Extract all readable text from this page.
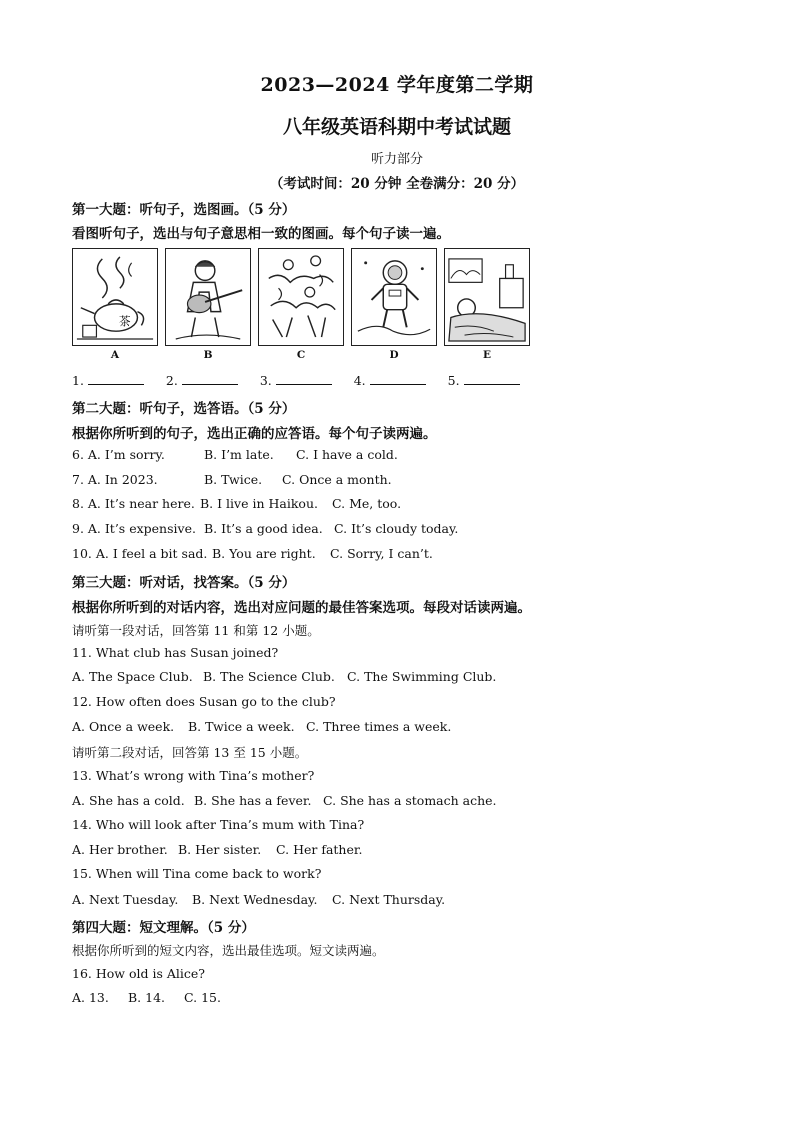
2023—2024 学年度第二学期
八年级英语科期中考试试题
听力部分
（考试时间：20 分钟 全卷满分：20 分）
第一大题：听句子，选图画。（5 分）
看图听句子，选出与句子意思相一致的图画。每个句子读一遍。
茶
A	B	C	D	E
1.	2.	3.	4.	5.
第二大题：听句子，选答语。（5 分）
根据你所听到的句子，选出正确的应答语。每个句子读两遍。
6. A. I’m sorry.	B. I’m late. C. I have a cold.
7. A. In 2023.	B. Twice. C. Once a month.
8. A. It’s near here. B. I live in Haikou. C. Me, too.
9. A. It’s expensive. B. It’s a good idea. C. It’s cloudy today.
10. A. I feel a bit sad. B. You are right. C. Sorry, I can’t.
第三大题：听对话，找答案。（5 分）
根据你所听到的对话内容，选出对应问题的最佳答案选项。每段对话读两遍。
请听第一段对话，回答第 11 和第 12 小题。
11. What club has Susan joined?
A. The Space Club. B. The Science Club. C. The Swimming Club.
12. How often does Susan go to the club?
A. Once a week. B. Twice a week. C. Three times a week.
请听第二段对话，回答第 13 至 15 小题。
13. What’s wrong with Tina’s mother?
A. She has a cold. B. She has a fever. C. She has a stomach ache.
14. Who will look after Tina’s mum with Tina?
A. Her brother. B. Her sister. C. Her father.
15. When will Tina come back to work?
A. Next Tuesday. B. Next Wednesday. C. Next Thursday.
第四大题：短文理解。（5 分）
根据你所听到的短文内容，选出最佳选项。短文读两遍。
16. How old is Alice?
A. 13. B. 14. C. 15.
